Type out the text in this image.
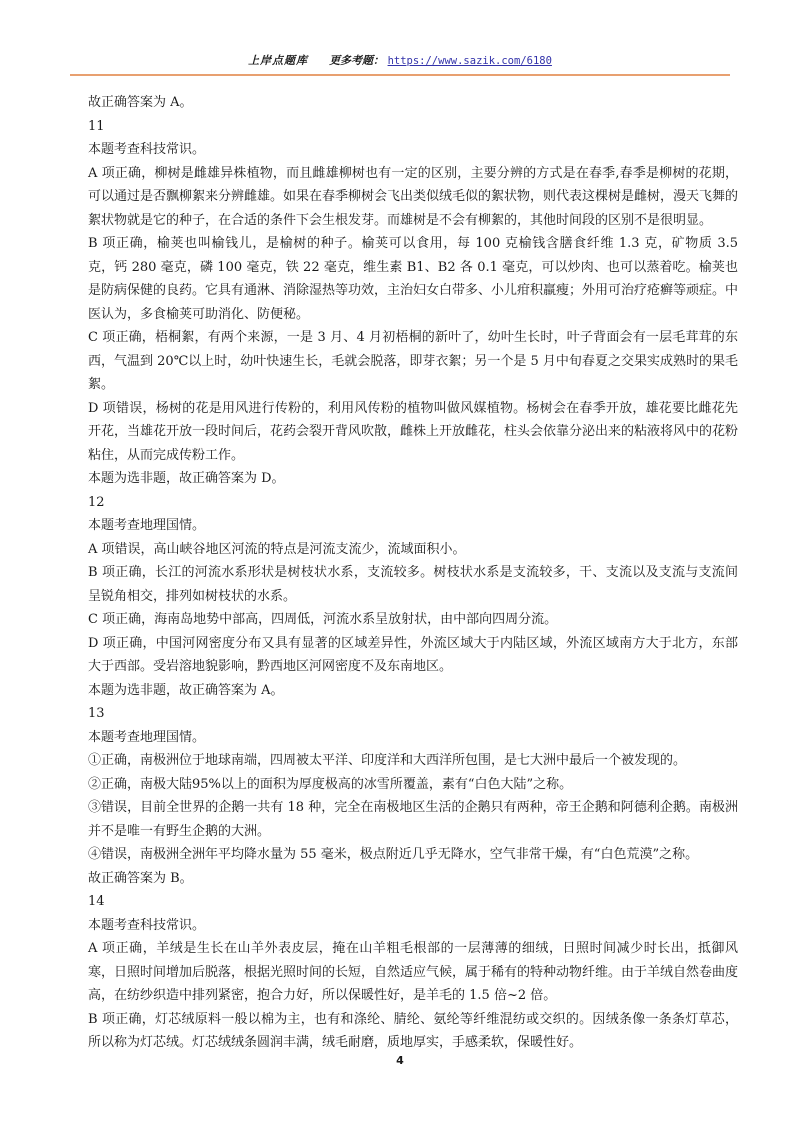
上岸点题库 更多考题： https://www.sazik.com/6180

故正确答案为 A。

11

本题考查科技常识。

A 项正确，柳树是雌雄异株植物，而且雌雄柳树也有一定的区别，主要分辨的方式是在春季,春季是柳树的花期，可以通过是否飘柳絮来分辨雌雄。如果在春季柳树会飞出类似绒毛似的絮状物，则代表这棵树是雌树，漫天飞舞的絮状物就是它的种子，在合适的条件下会生根发芽。而雄树是不会有柳絮的，其他时间段的区别不是很明显。

B 项正确，榆荚也叫榆钱儿，是榆树的种子。榆荚可以食用，每 100 克榆钱含膳食纤维 1.3 克，矿物质 3.5 克，钙 280 毫克，磷 100 毫克，铁 22 毫克，维生素 B1、B2 各 0.1 毫克，可以炒肉、也可以蒸着吃。榆荚也是防病保健的良药。它具有通淋、消除湿热等功效，主治妇女白带多、小儿疳积羸瘦；外用可治疗疮癣等顽症。中医认为，多食榆荚可助消化、防便秘。

C 项正确，梧桐絮，有两个来源，一是 3 月、4 月初梧桐的新叶了，幼叶生长时，叶子背面会有一层毛茸茸的东西，气温到 20℃以上时，幼叶快速生长，毛就会脱落，即芽衣絮；另一个是 5 月中旬春夏之交果实成熟时的果毛絮。

D 项错误，杨树的花是用风进行传粉的，利用风传粉的植物叫做风媒植物。杨树会在春季开放，雄花要比雌花先开花，当雄花开放一段时间后，花药会裂开背风吹散，雌株上开放雌花，柱头会依靠分泌出来的粘液将风中的花粉粘住，从而完成传粉工作。

本题为选非题，故正确答案为 D。

12

本题考查地理国情。

A 项错误，高山峡谷地区河流的特点是河流支流少，流域面积小。

B 项正确，长江的河流水系形状是树枝状水系，支流较多。树枝状水系是支流较多，干、支流以及支流与支流间呈锐角相交，排列如树枝状的水系。

C 项正确，海南岛地势中部高，四周低，河流水系呈放射状，由中部向四周分流。

D 项正确，中国河网密度分布又具有显著的区域差异性，外流区域大于内陆区域，外流区域南方大于北方，东部大于西部。受岩溶地貌影响，黔西地区河网密度不及东南地区。

本题为选非题，故正确答案为 A。

13

本题考查地理国情。

①正确，南极洲位于地球南端，四周被太平洋、印度洋和大西洋所包围，是七大洲中最后一个被发现的。

②正确，南极大陆95%以上的面积为厚度极高的冰雪所覆盖，素有“白色大陆”之称。

③错误，目前全世界的企鹅一共有 18 种，完全在南极地区生活的企鹅只有两种，帝王企鹅和阿德利企鹅。南极洲并不是唯一有野生企鹅的大洲。

④错误，南极洲全洲年平均降水量为 55 毫米，极点附近几乎无降水，空气非常干燥，有“白色荒漠”之称。

故正确答案为 B。

14

本题考查科技常识。

A 项正确，羊绒是生长在山羊外表皮层，掩在山羊粗毛根部的一层薄薄的细绒，日照时间减少时长出，抵御风寒，日照时间增加后脱落，根据光照时间的长短，自然适应气候，属于稀有的特种动物纤维。由于羊绒自然卷曲度高，在纺纱织造中排列紧密，抱合力好，所以保暖性好，是羊毛的 1.5 倍~2 倍。

B 项正确，灯芯绒原料一般以棉为主，也有和涤纶、腈纶、氨纶等纤维混纺或交织的。因绒条像一条条灯草芯，所以称为灯芯绒。灯芯绒绒条圆润丰满，绒毛耐磨，质地厚实，手感柔软，保暖性好。

4
